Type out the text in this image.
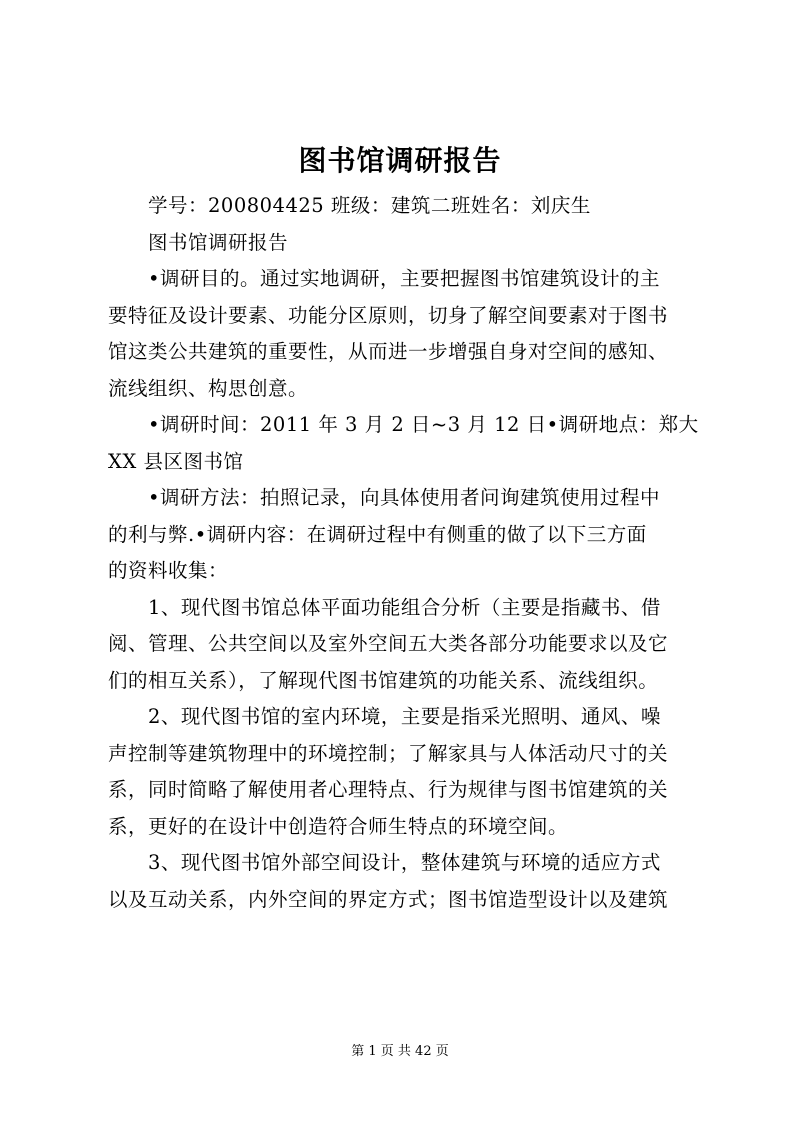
图书馆调研报告
学号：200804425 班级：建筑二班姓名：刘庆生
图书馆调研报告
•调研目的。通过实地调研，主要把握图书馆建筑设计的主
要特征及设计要素、功能分区原则，切身了解空间要素对于图书
馆这类公共建筑的重要性，从而进一步增强自身对空间的感知、
流线组织、构思创意。
•调研时间：2011 年 3 月 2 日~3 月 12 日•调研地点：郑大
XX 县区图书馆
•调研方法：拍照记录，向具体使用者问询建筑使用过程中
的利与弊.•调研内容：在调研过程中有侧重的做了以下三方面
的资料收集：
1、现代图书馆总体平面功能组合分析（主要是指藏书、借
阅、管理、公共空间以及室外空间五大类各部分功能要求以及它
们的相互关系），了解现代图书馆建筑的功能关系、流线组织。
2、现代图书馆的室内环境，主要是指采光照明、通风、噪
声控制等建筑物理中的环境控制；了解家具与人体活动尺寸的关
系，同时简略了解使用者心理特点、行为规律与图书馆建筑的关
系，更好的在设计中创造符合师生特点的环境空间。
3、现代图书馆外部空间设计，整体建筑与环境的适应方式
以及互动关系，内外空间的界定方式；图书馆造型设计以及建筑
第 1 页 共 42 页
